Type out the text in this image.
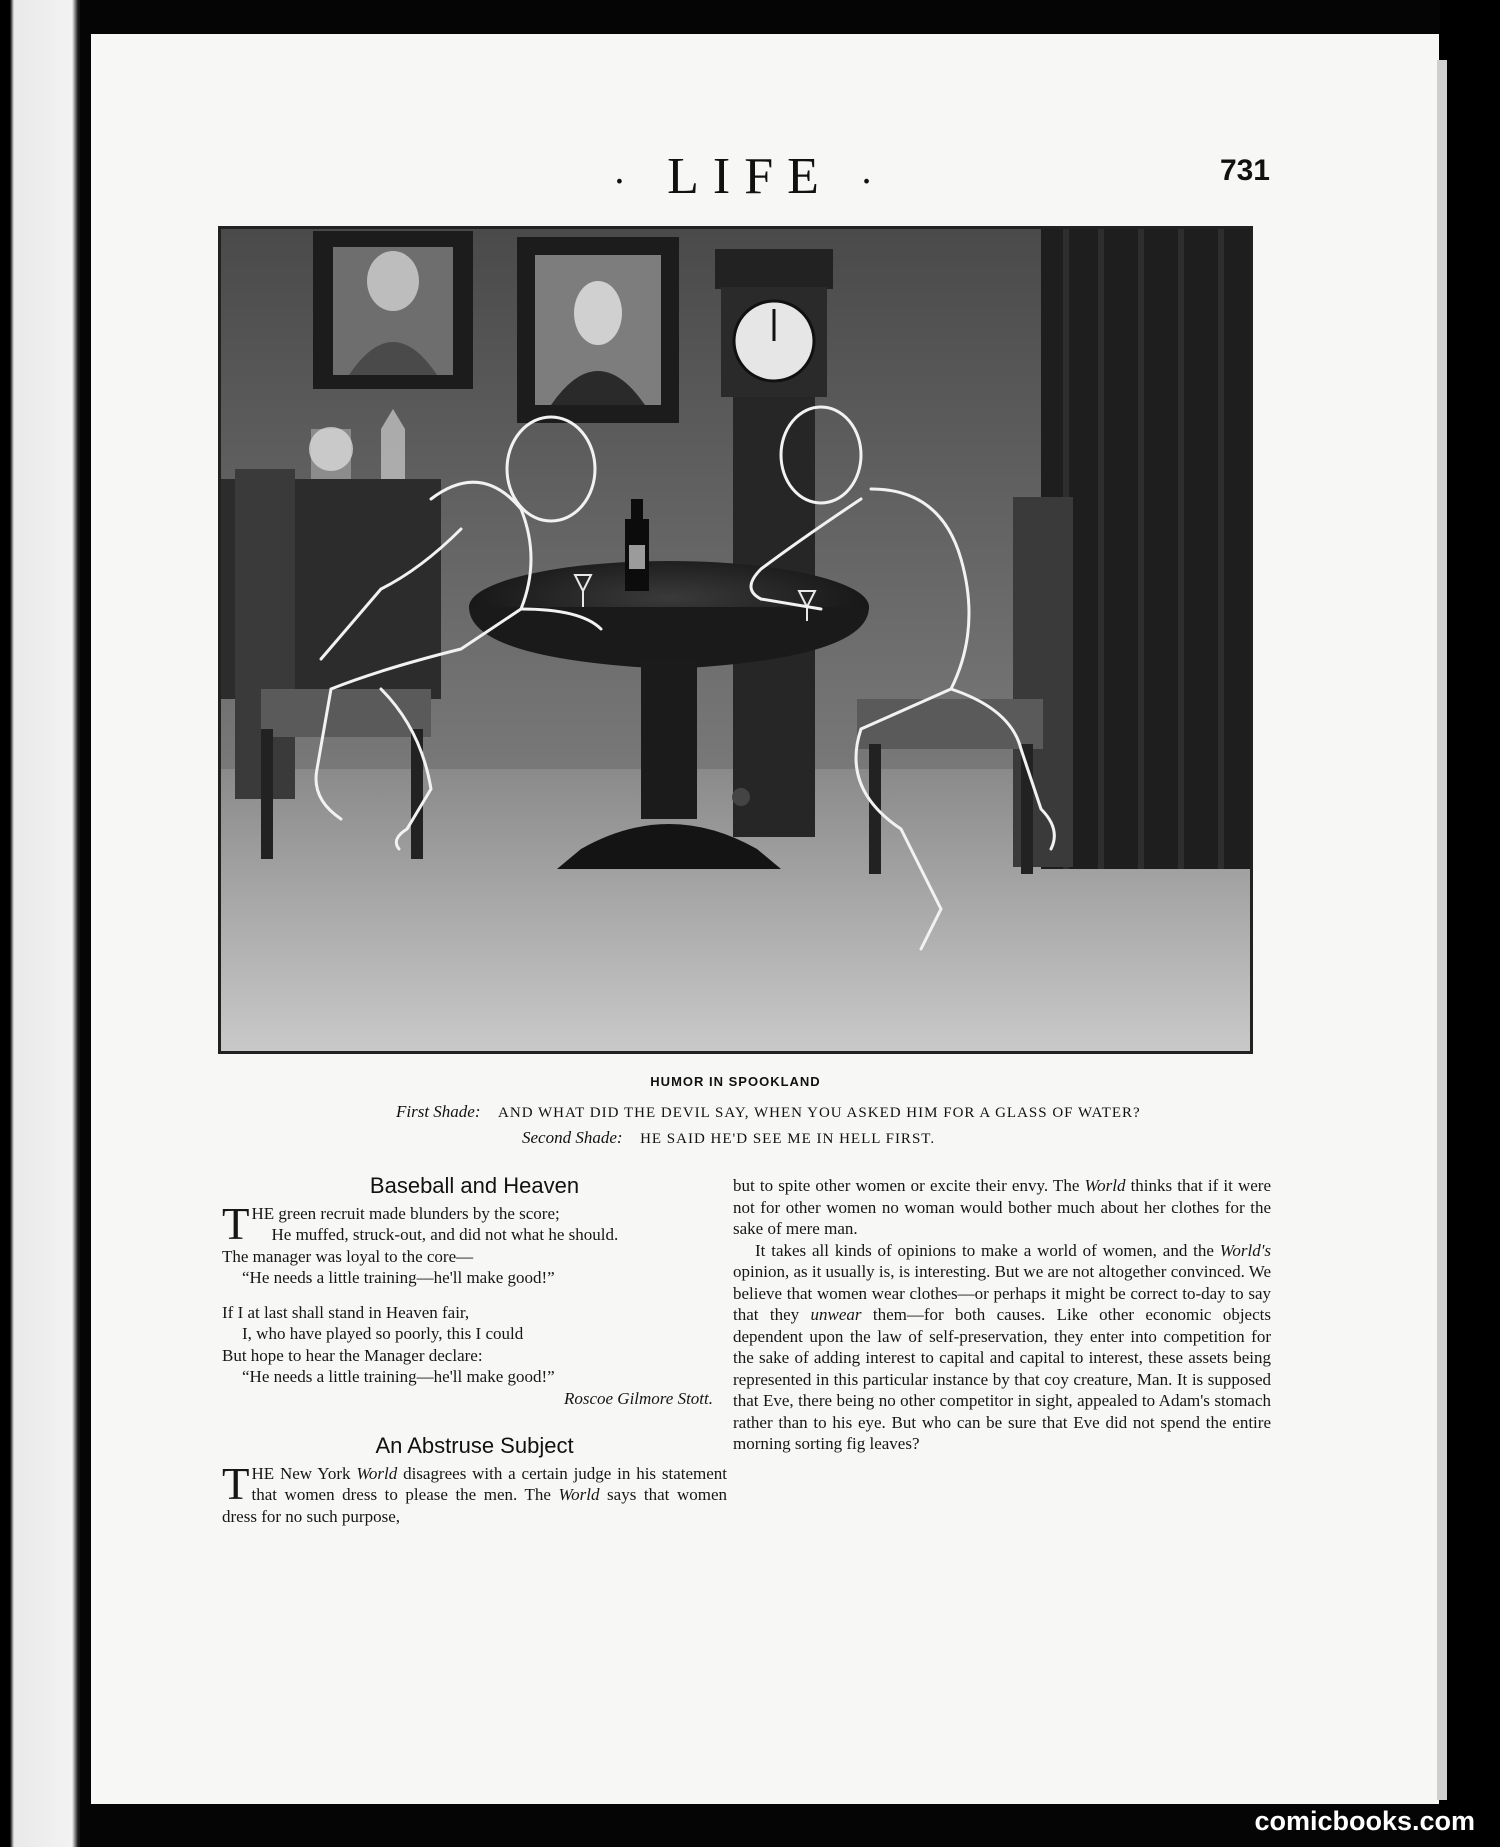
· LIFE ·	731
HUMOR IN SPOOKLAND
First Shade: AND WHAT DID THE DEVIL SAY, WHEN YOU ASKED HIM FOR A GLASS OF WATER?
Second Shade: HE SAID HE'D SEE ME IN HELL FIRST.
Baseball and Heaven
T HE green recruit made blunders by the score;
He muffed, struck-out, and did not what he should.
The manager was loyal to the core—
“He needs a little training—he'll make good!”
If I at last shall stand in Heaven fair,
I, who have played so poorly, this I could
But hope to hear the Manager declare:
“He needs a little training—he'll make good!”
Roscoe Gilmore Stott.
An Abstruse Subject
THE New York World disagrees with a certain judge in his statement that women dress to please the men. The World says that women dress for no such purpose,
but to spite other women or excite their envy. The World thinks that if it were not for other women no woman would bother much about her clothes for the sake of mere man.
It takes all kinds of opinions to make a world of women, and the World's opinion, as it usually is, is interesting. But we are not altogether convinced. We believe that women wear clothes—or perhaps it might be correct to-day to say that they unwear them—for both causes. Like other economic objects dependent upon the law of self-preservation, they enter into competition for the sake of adding interest to capital and capital to interest, these assets being represented in this particular instance by that coy creature, Man. It is supposed that Eve, there being no other competitor in sight, appealed to Adam's stomach rather than to his eye. But who can be sure that Eve did not spend the entire morning sorting fig leaves?
comicbooks.com
